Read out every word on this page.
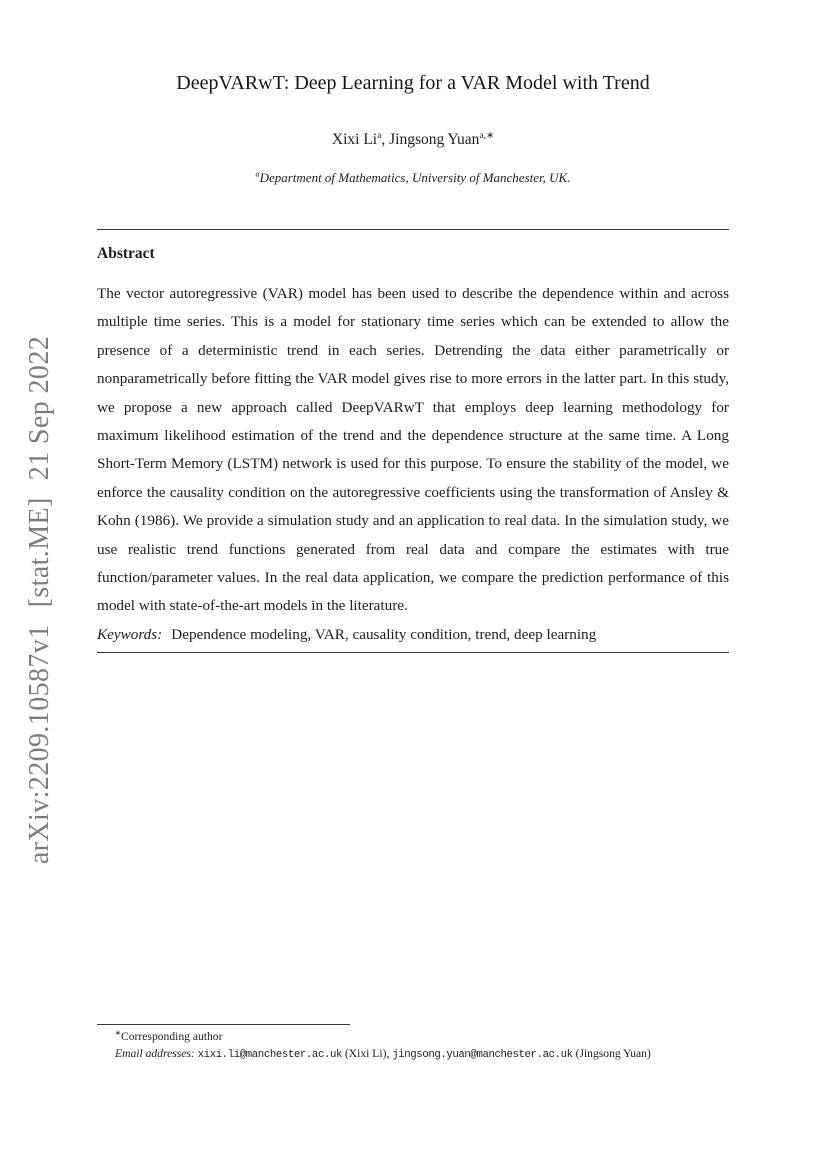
arXiv:2209.10587v1[stat.ME]21 Sep 2022
DeepVARwT: Deep Learning for a VAR Model with Trend
Xixi Li$^a$, Jingsong Yuan$^{a,∗}$
$^a$Department of Mathematics, University of Manchester, UK.
Abstract
The vector autoregressive (VAR) model has been used to describe the dependence within and across multiple time series. This is a model for stationary time series which can be extended to allow the presence of a deterministic trend in each series. Detrending the data either parametrically or nonparametrically before fitting the VAR model gives rise to more errors in the latter part. In this study, we propose a new approach called DeepVARwT that employs deep learning methodology for maximum likelihood estimation of the trend and the dependence structure at the same time. A Long Short-Term Memory (LSTM) network is used for this purpose. To ensure the stability of the model, we enforce the causality condition on the autoregressive coefficients using the transformation of Ansley & Kohn (1986). We provide a simulation study and an application to real data. In the simulation study, we use realistic trend functions generated from real data and compare the estimates with true function/parameter values. In the real data application, we compare the prediction performance of this model with state-of-the-art models in the literature.
Keywords: Dependence modeling, VAR, causality condition, trend, deep learning

∗Corresponding author

Email addresses: xixi.li@manchester.ac.uk (Xixi Li), jingsong.yuan@manchester.ac.uk (Jingsong Yuan)
